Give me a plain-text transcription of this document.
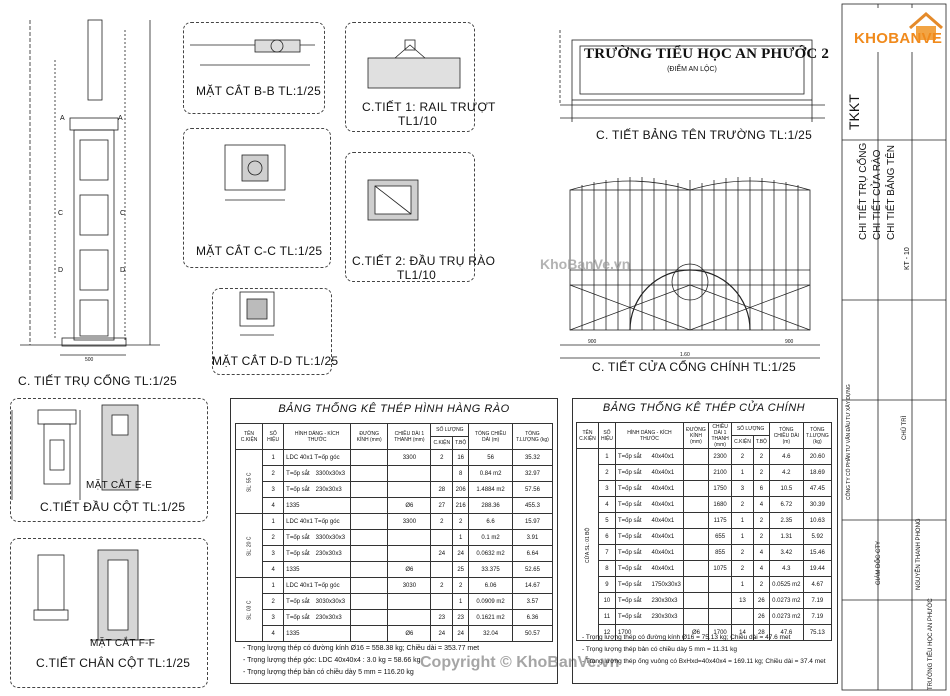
A	A
C	C
D	D
500
900
1.60
900
C. TIẾT TRỤ CỔNG TL:1/25
MẶT CẮT B-B TL:1/25
MẶT CẮT C-C TL:1/25
MẶT CẮT D-D TL:1/25
C.TIẾT 1: RAIL TRƯỢT
TL1/10
C.TIẾT 2: ĐẦU TRỤ RÀO
TL1/10
C. TIẾT BẢNG TÊN TRƯỜNG TL:1/25
C. TIẾT CỬA CỔNG CHÍNH TL:1/25
C.TIẾT ĐẦU CỘT TL:1/25
MẶT CẮT E-E
C.TIẾT CHÂN CỘT TL:1/25
MẶT CẮT F-F
TRƯỜNG TIỂU HỌC AN PHƯỚC 2
(ĐIỂM AN LỘC)
KhoBanVe.vn
Copyright © KhoBanVe.vn
KHOBANVE
CHI TIẾT TRỤ CỔNG CHI TIẾT CỬA RÀO CHI TIẾT BẢNG TÊN
TKKT
KT - 10
CÔNG TY CỔ PHẦN TƯ VẤN ĐẦU TƯ XÂY DỰNG
GIÁM ĐỐC CTY
CHỦ TRÌ
NGUYỄN THANH PHONG
TRƯỜNG TIỂU HỌC AN PHƯỚC
BẢNG THỐNG KÊ THÉP HÌNH HÀNG RÀO
TÊN C.KIỆN	SỐ HIỆU	HÌNH DÁNG - KÍCH THƯỚC	ĐƯỜNG KÍNH (mm)	CHIỀU DÀI 1 THANH (mm)	SỐ LƯỢNG		TỔNG CHIỀU DÀI (m)	TỔNG T.LƯỢNG (kg)
					C.KIỆN	T.BỘ		
SL: 55 C	1	LDC 40x1 T=ốp góc		3300	2	16	56	35.32
	2	T=ốp sắt 3300x30x3				8	0.84 m2	32.97
	3	T=ốp sắt 230x30x3			28	206	1.4884 m2	57.56
	4	1335		Ø6	27	216	288.36	455.3
SL: 20 C	1	LDC 40x1 T=ốp góc		3300	2	2	6.6	15.97
	2	T=ốp sắt 3300x30x3				1	0.1 m2	3.91
	3	T=ốp sắt 230x30x3			24	24	0.0632 m2	6.64
	4	1335		Ø6		25	33.375	52.65
SL: 03 C	1	LDC 40x1 T=ốp góc		3030	2	2	6.06	14.67
	2	T=ốp sắt 3030x30x3				1	0.0909 m2	3.57
	3	T=ốp sắt 230x30x3			23	23	0.1621 m2	6.36
	4	1335		Ø6	24	24	32.04	50.57
- Trọng lượng thép có đường kính Ø16 = 558.38 kg; Chiều dài = 353.77 met
- Trọng lượng thép góc: LDC 40x40x4 : 3.0 kg = 58.66 kg
- Trọng lượng thép bản có chiều dày 5 mm = 116.20 kg
BẢNG THỐNG KÊ THÉP CỬA CHÍNH
TÊN C.KIỆN	SỐ HIỆU	HÌNH DÁNG - KÍCH THƯỚC	ĐƯỜNG KÍNH (mm)	CHIỀU DÀI 1 THANH (mm)	SỐ LƯỢNG		TỔNG CHIỀU DÀI (m)	TỔNG T.LƯỢNG (kg)
					C.KIỆN	T.BỘ		
CỬA SL: 01 BỘ	1	T=ốp sắt 40x40x1		2300	2	2	4.6	20.60
	2	T=ốp sắt 40x40x1		2100	1	2	4.2	18.69
	3	T=ốp sắt 40x40x1		1750	3	6	10.5	47.45
	4	T=ốp sắt 40x40x1		1680	2	4	6.72	30.39
	5	T=ốp sắt 40x40x1		1175	1	2	2.35	10.63
	6	T=ốp sắt 40x40x1		655	1	2	1.31	5.92
	7	T=ốp sắt 40x40x1		855	2	4	3.42	15.46
	8	T=ốp sắt 40x40x1		1075	2	4	4.3	19.44
	9	T=ốp sắt 1750x30x3			1	2	0.0525 m2	4.67
	10	T=ốp sắt 230x30x3			13	26	0.0273 m2	7.19
	11	T=ốp sắt 230x30x3				26	0.0273 m2	7.19
	12	1700	Ø6	1700	14	28	47.6	75.13
- Trọng lượng thép có đường kính Ø16 = 75.13 kg; Chiều dài = 47.6 met
- Trọng lượng thép bản có chiều dày 5 mm = 11.31 kg
- Trọng lượng thép ống vuông có BxHxd=40x40x4 = 169.11 kg; Chiều dài = 37.4 met
